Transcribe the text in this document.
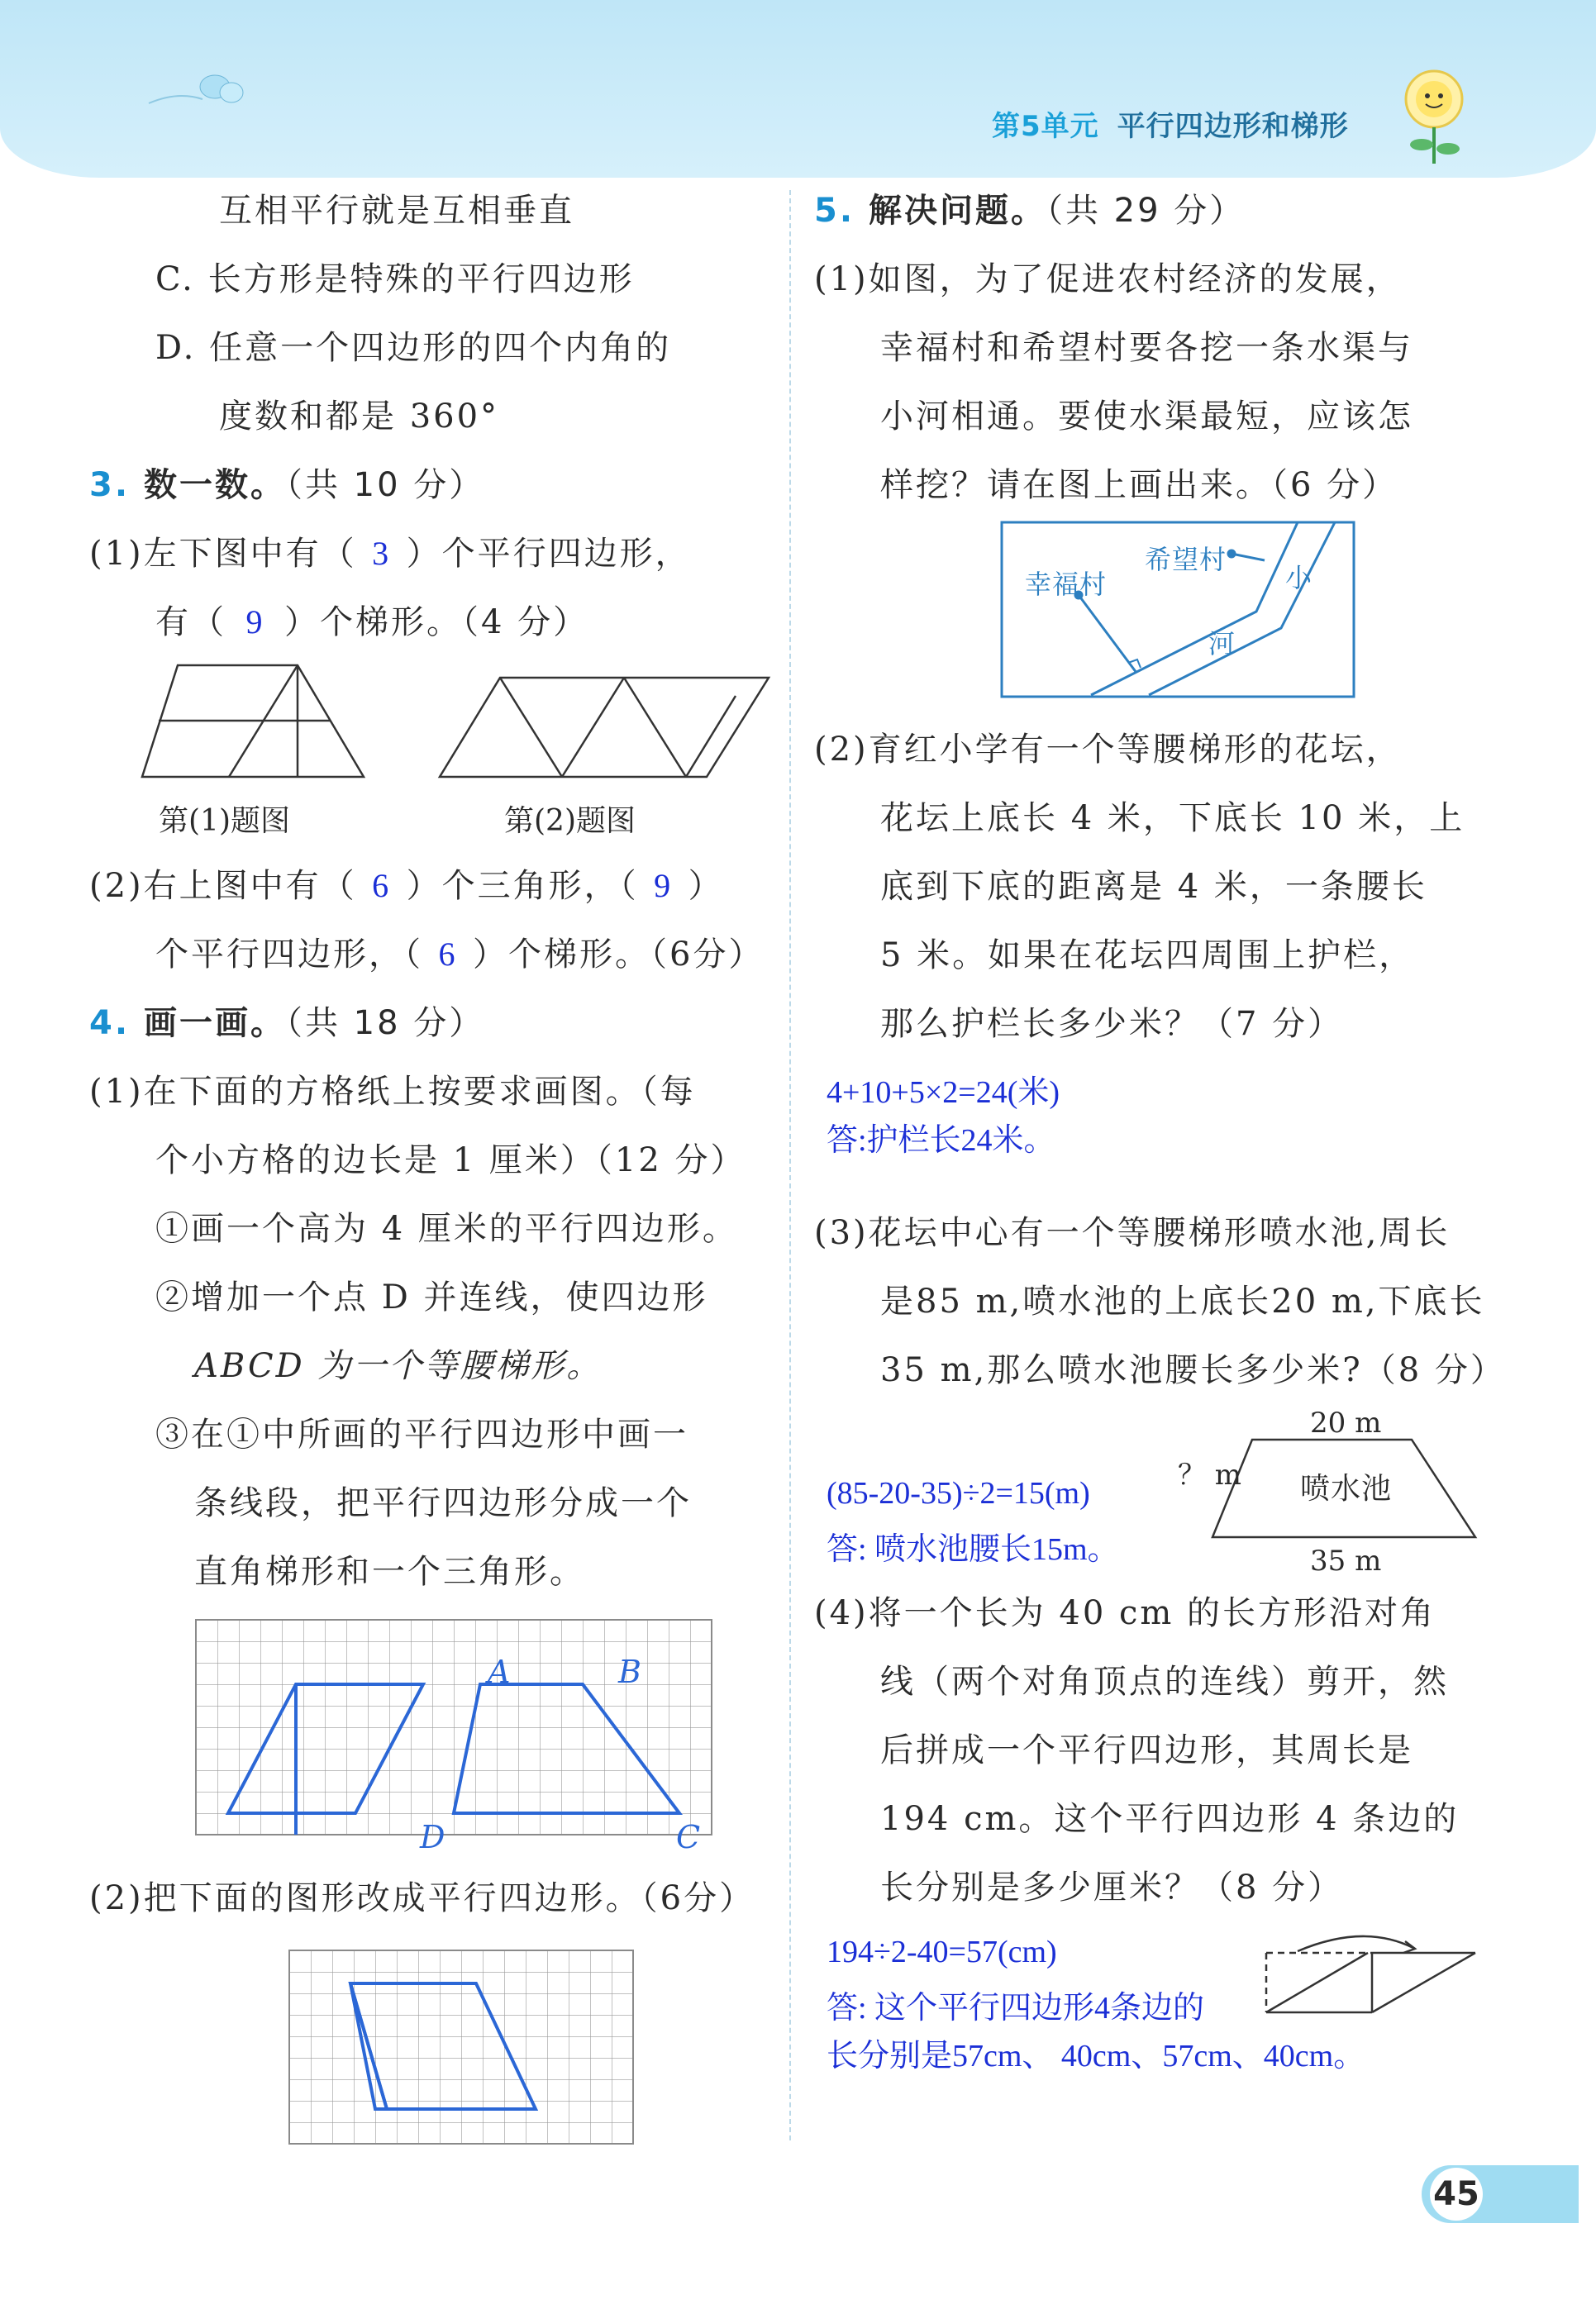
第5单元 平行四边形和梯形
互相平行就是互相垂直
C. 长方形是特殊的平行四边形
D. 任意一个四边形的四个内角的
度数和都是 360°
3. 数一数。（共 10 分）
(1)左下图中有（ 3 ）个平行四边形，
有（ 9 ）个梯形。（4 分）
第(1)题图	第(2)题图
(2)右上图中有（ 6 ）个三角形，（ 9 ）
个平行四边形，（ 6 ）个梯形。（6分）
4. 画一画。（共 18 分）
(1)在下面的方格纸上按要求画图。（每
个小方格的边长是 1 厘米）（12 分）
①画一个高为 4 厘米的平行四边形。
②增加一个点 D 并连线，使四边形
ABCD 为一个等腰梯形。
③在①中所画的平行四边形中画一
条线段，把平行四边形分成一个
直角梯形和一个三角形。
A	B
C
D
(2)把下面的图形改成平行四边形。（6分）
5. 解决问题。（共 29 分）
(1)如图，为了促进农村经济的发展，
幸福村和希望村要各挖一条水渠与
小河相通。要使水渠最短，应该怎
样挖？请在图上画出来。（6 分）
幸福村
希望村
小
河
(2)育红小学有一个等腰梯形的花坛，
花坛上底长 4 米，下底长 10 米，上
底到下底的距离是 4 米，一条腰长
5 米。如果在花坛四周围上护栏，
那么护栏长多少米？（7 分）
4+10+5×2=24(米)
答:护栏长24米。
(3)花坛中心有一个等腰梯形喷水池,周长
是85 m,喷水池的上底长20 m,下底长
35 m,那么喷水池腰长多少米?（8 分）
20 m
？ m 喷水池
35 m
(85-20-35)÷2=15(m)
答: 喷水池腰长15m。
(4)将一个长为 40 cm 的长方形沿对角
线（两个对角顶点的连线）剪开，然
后拼成一个平行四边形，其周长是
194 cm。这个平行四边形 4 条边的
长分别是多少厘米？（8 分）
194÷2-40=57(cm)
答: 这个平行四边形4条边的
长分别是57cm、 40cm、57cm、40cm。
45
